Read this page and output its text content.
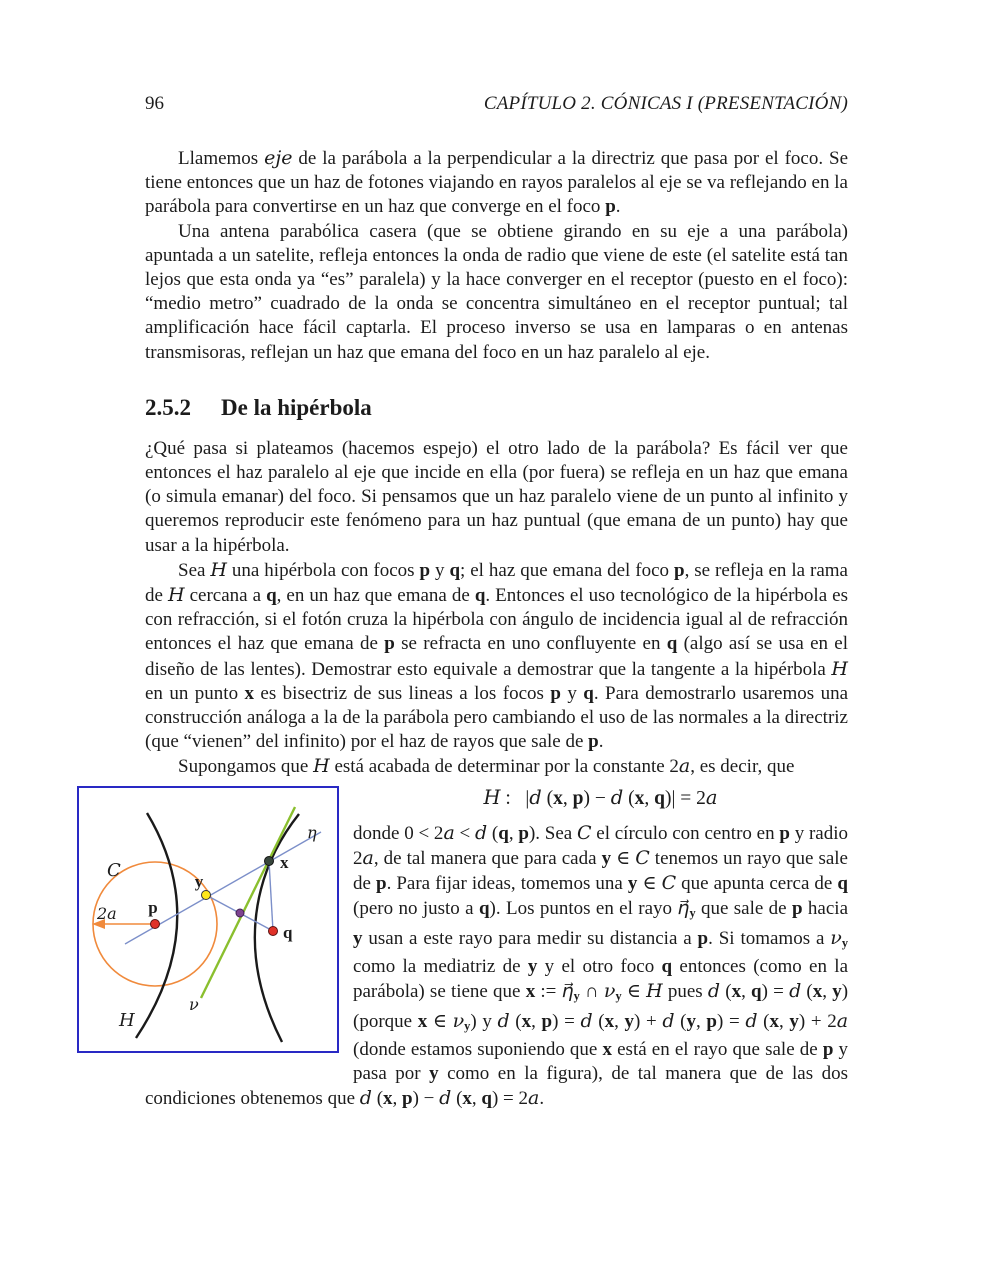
96	CAPÍTULO 2. CÓNICAS I (PRESENTACIÓN)

Llamemos eje de la parábola a la perpendicular a la directriz que pasa por el foco. Se tiene entonces que un haz de fotones viajando en rayos paralelos al eje se va reflejando en la parábola para convertirse en un haz que converge en el foco p.

Una antena parabólica casera (que se obtiene girando en su eje a una parábola) apuntada a un satelite, refleja entonces la onda de radio que viene de este (el satelite está tan lejos que esta onda ya “es” paralela) y la hace converger en el receptor (puesto en el foco): “medio metro” cuadrado de la onda se concentra simultáneo en el receptor puntual; tal amplificación hace fácil captarla. El proceso inverso se usa en lamparas o en antenas transmisoras, reflejan un haz que emana del foco en un haz paralelo al eje.

2.5.2 De la hipérbola

¿Qué pasa si plateamos (hacemos espejo) el otro lado de la parábola? Es fácil ver que entonces el haz paralelo al eje que incide en ella (por fuera) se refleja en un haz que emana (o simula emanar) del foco. Si pensamos que un haz paralelo viene de un punto al infinito y queremos reproducir este fenómeno para un haz puntual (que emana de un punto) hay que usar a la hipérbola.

Sea H una hipérbola con focos p y q; el haz que emana del foco p, se refleja en la rama de H cercana a q, en un haz que emana de q. Entonces el uso tecnológico de la hipérbola es con refracción, si el fotón cruza la hipérbola con ángulo de incidencia igual al de refracción entonces el haz que emana de p se refracta en uno confluyente en q (algo así se usa en el diseño de las lentes). Demostrar esto equivale a demostrar que la tangente a la hipérbola H en un punto x es bisectriz de sus lineas a los focos p y q. Para demostrarlo usaremos una construcción análoga a la de la parábola pero cambiando el uso de las normales a la directriz (que “vienen” del infinito) por el haz de rayos que sale de p.

Supongamos que H está acabada de determinar por la constante 2a, es decir, que

C
H
η
ν
2a p
y
x
q
H :   |d (x, p) − d (x, q)| = 2a

donde 0 < 2a < d (q, p). Sea C el círculo con centro en p y radio 2a, de tal manera que para cada y ∈ C tenemos un rayo que sale de p. Para fijar ideas, tomemos una y ∈ C que apunta cerca de q (pero no justo a q). Los puntos en el rayo η⃗y que sale de p hacia y usan a este rayo para medir su distancia a p. Si tomamos a νy como la mediatriz de y y el otro foco q entonces (como en la parábola) se tiene que x := η⃗y ∩ νy ∈ H pues d (x, q) = d (x, y) (porque x ∈ νy) y d (x, p) = d (x, y) + d (y, p) = d (x, y) + 2a (donde estamos suponiendo que x está en el rayo que sale de p y pasa por y como en la figura), de tal manera que de las dos condiciones obtenemos que d (x, p) − d (x, q) = 2a.
